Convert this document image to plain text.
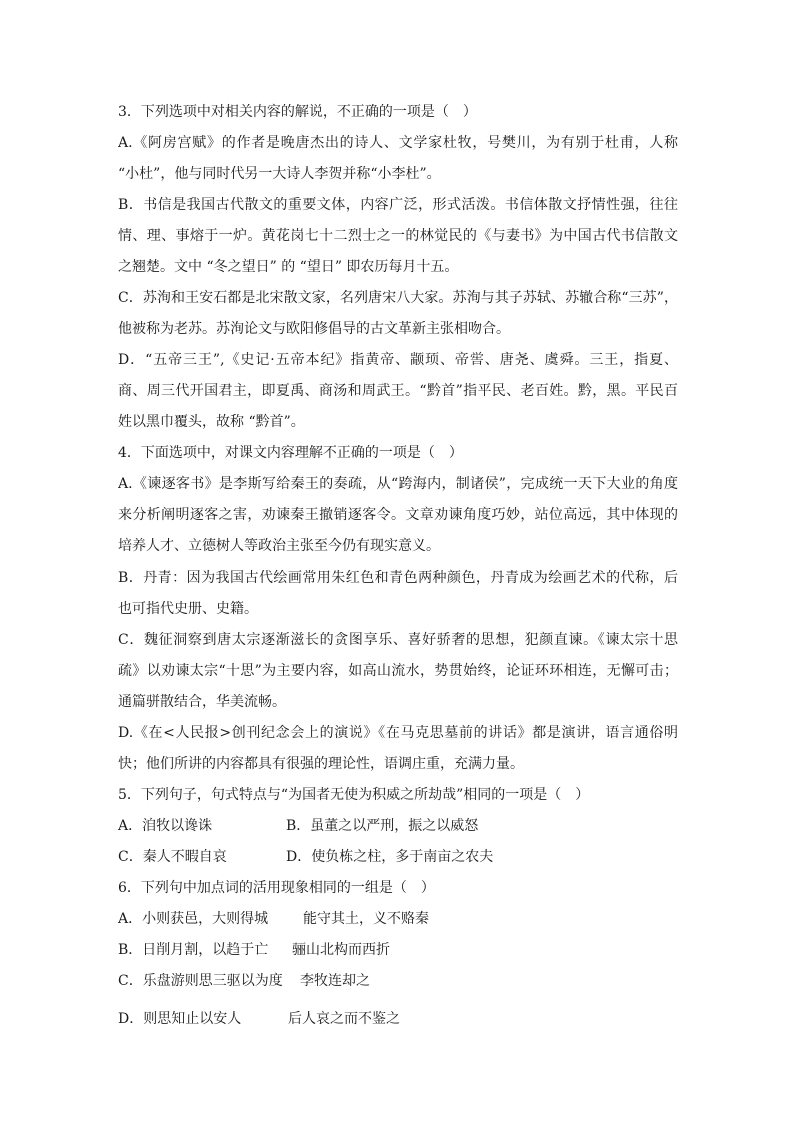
3．下列选项中对相关内容的解说，不正确的一项是（　）
A.《阿房宫赋》的作者是晚唐杰出的诗人、文学家杜牧，号樊川，为有别于杜甫，人称
“小杜”，他与同时代另一大诗人李贺并称“小李杜”。
B．书信是我国古代散文的重要文体，内容广泛，形式活泼。书信体散文抒情性强，往往
情、理、事熔于一炉。黄花岗七十二烈士之一的林觉民的《与妻书》为中国古代书信散文
之翘楚。文中 “冬之望日” 的 “望日” 即农历每月十五。
C．苏洵和王安石都是北宋散文家，名列唐宋八大家。苏洵与其子苏轼、苏辙合称“三苏”，
他被称为老苏。苏洵论文与欧阳修倡导的古文革新主张相吻合。
D．“五帝三王”,《史记·五帝本纪》指黄帝、颛顼、帝喾、唐尧、虞舜。三王，指夏、
商、周三代开国君主，即夏禹、商汤和周武王。“黔首”指平民、老百姓。黔，黑。平民百
姓以黑巾覆头，故称 “黔首”。
4．下面选项中，对课文内容理解不正确的一项是（　）
A.《谏逐客书》是李斯写给秦王的奏疏，从“跨海内，制诸侯”，完成统一天下大业的角度
来分析阐明逐客之害，劝谏秦王撤销逐客令。文章劝谏角度巧妙，站位高远，其中体现的
培养人才、立德树人等政治主张至今仍有现实意义。
B．丹青：因为我国古代绘画常用朱红色和青色两种颜色，丹青成为绘画艺术的代称，后
也可指代史册、史籍。
C．魏征洞察到唐太宗逐渐滋长的贪图享乐、喜好骄奢的思想，犯颜直谏。《谏太宗十思
疏》以劝谏太宗“十思”为主要内容，如高山流水，势贯始终，论证环环相连，无懈可击；
通篇骈散结合，华美流畅。
D.《在<人民报>创刊纪念会上的演说》《在马克思墓前的讲话》都是演讲，语言通俗明
快；他们所讲的内容都具有很强的理论性，语调庄重，充满力量。
5．下列句子，句式特点与“为国者无使为积威之所劫哉”相同的一项是（　）
A．洎牧以谗诛	B．虽董之以严刑，振之以威怒
C．秦人不暇自哀	D．使负栋之柱，多于南亩之农夫
6．下列句中加点词的活用现象相同的一组是（　）
A．小则获邑，大则得城 能守其土，义不赂秦
B．日削月割，以趋于亡 骊山北构而西折
C．乐盘游则思三驱以为度 李牧连却之
D．则思知止以安人	后人哀之而不鉴之
